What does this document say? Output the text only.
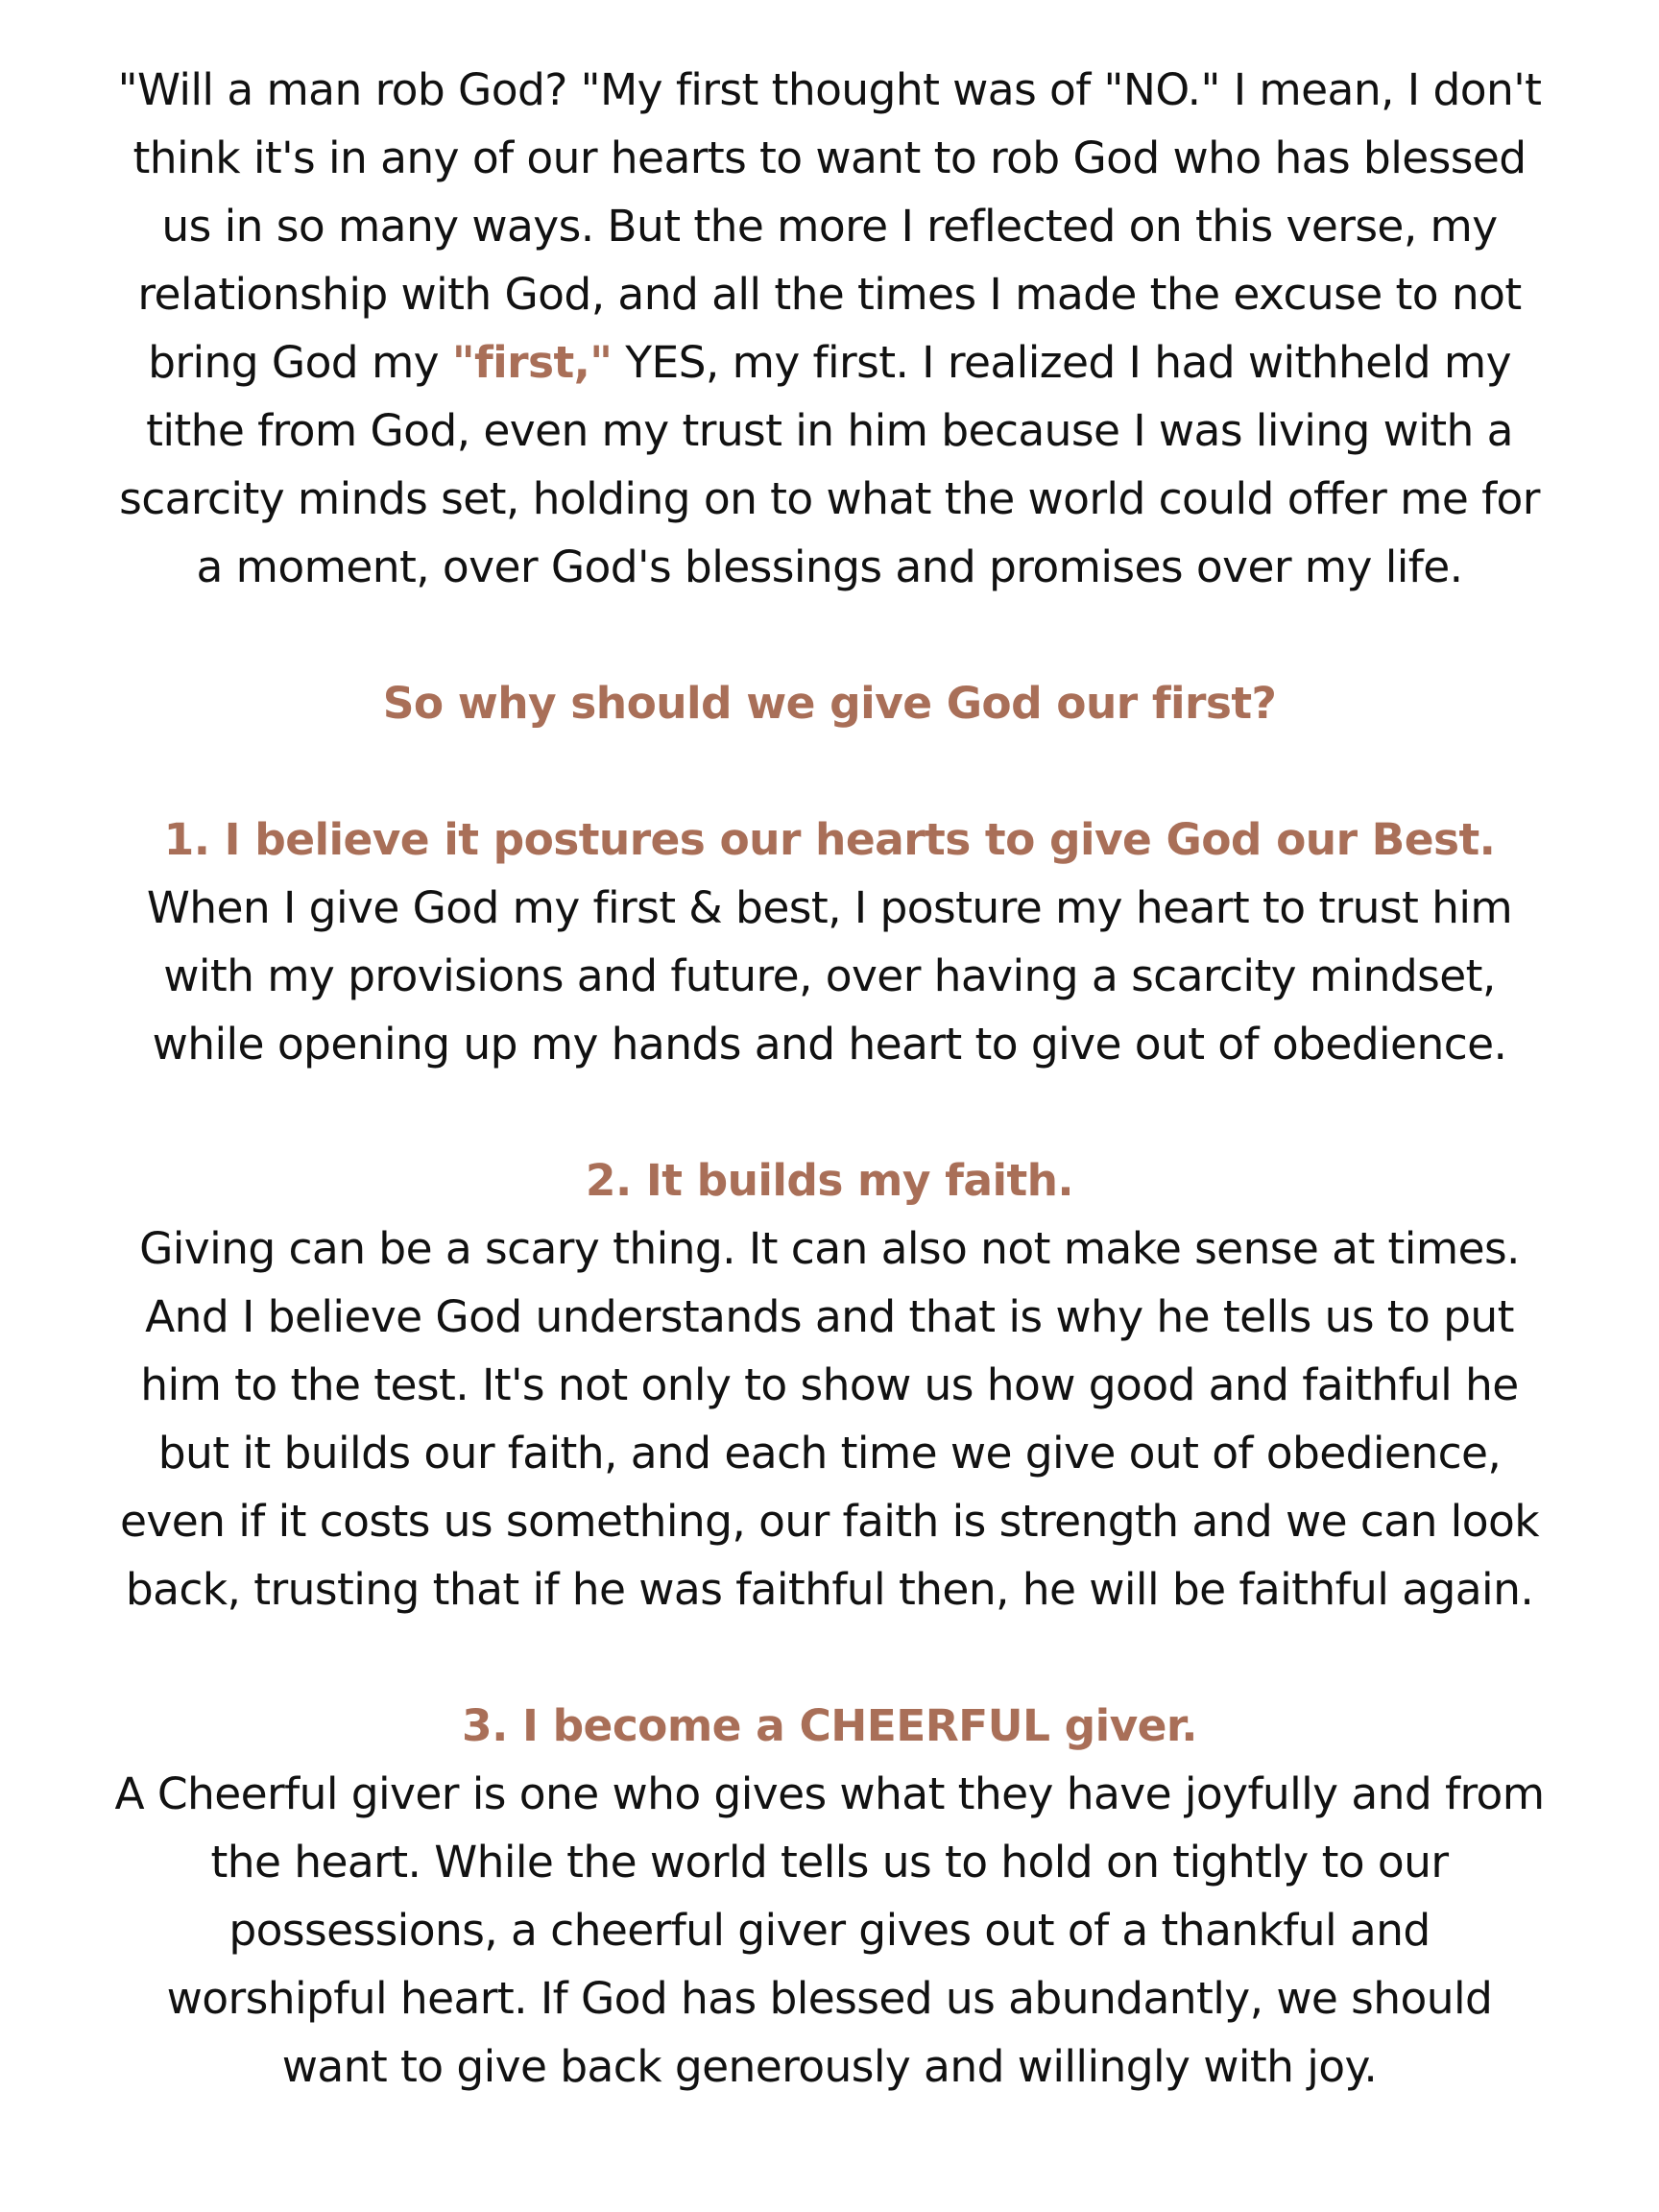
"Will a man rob God? "My first thought was of "NO." I mean, I don't
think it's in any of our hearts to want to rob God who has blessed
us in so many ways. But the more I reflected on this verse, my
relationship with God, and all the times I made the excuse to not
bring God my "first," YES, my first. I realized I had withheld my
tithe from God, even my trust in him because I was living with a
scarcity minds set, holding on to what the world could offer me for
a moment, over God's blessings and promises over my life.
So why should we give God our first?
1. I believe it postures our hearts to give God our Best.
When I give God my first & best, I posture my heart to trust him
with my provisions and future, over having a scarcity mindset,
while opening up my hands and heart to give out of obedience.
2. It builds my faith.
Giving can be a scary thing. It can also not make sense at times.
And I believe God understands and that is why he tells us to put
him to the test. It's not only to show us how good and faithful he
but it builds our faith, and each time we give out of obedience,
even if it costs us something, our faith is strength and we can look
back, trusting that if he was faithful then, he will be faithful again.
3. I become a CHEERFUL giver.
A Cheerful giver is one who gives what they have joyfully and from
the heart. While the world tells us to hold on tightly to our
possessions, a cheerful giver gives out of a thankful and
worshipful heart. If God has blessed us abundantly, we should
want to give back generously and willingly with joy.
